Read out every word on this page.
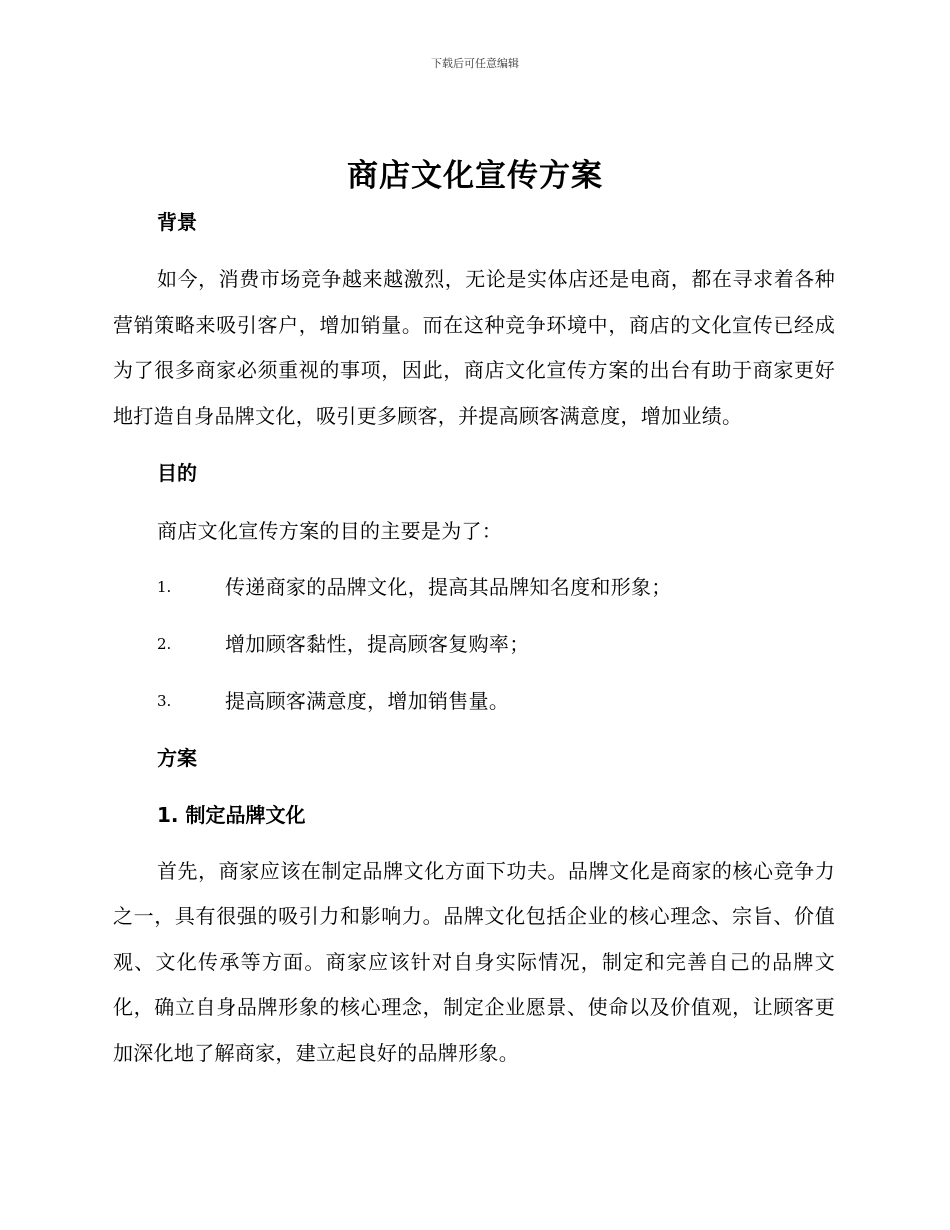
下载后可任意编辑
商店文化宣传方案
背景

如今，消费市场竞争越来越激烈，无论是实体店还是电商，都在寻求着各种营销策略来吸引客户，增加销量。而在这种竞争环境中，商店的文化宣传已经成为了很多商家必须重视的事项，因此，商店文化宣传方案的出台有助于商家更好地打造自身品牌文化，吸引更多顾客，并提高顾客满意度，增加业绩。

目的

商店文化宣传方案的目的主要是为了：

1.	传递商家的品牌文化，提高其品牌知名度和形象；
2.	增加顾客黏性，提高顾客复购率；
3.	提高顾客满意度，增加销售量。
方案
1. 制定品牌文化

首先，商家应该在制定品牌文化方面下功夫。品牌文化是商家的核心竞争力之一，具有很强的吸引力和影响力。品牌文化包括企业的核心理念、宗旨、价值观、文化传承等方面。商家应该针对自身实际情况，制定和完善自己的品牌文化，确立自身品牌形象的核心理念，制定企业愿景、使命以及价值观，让顾客更加深化地了解商家，建立起良好的品牌形象。
